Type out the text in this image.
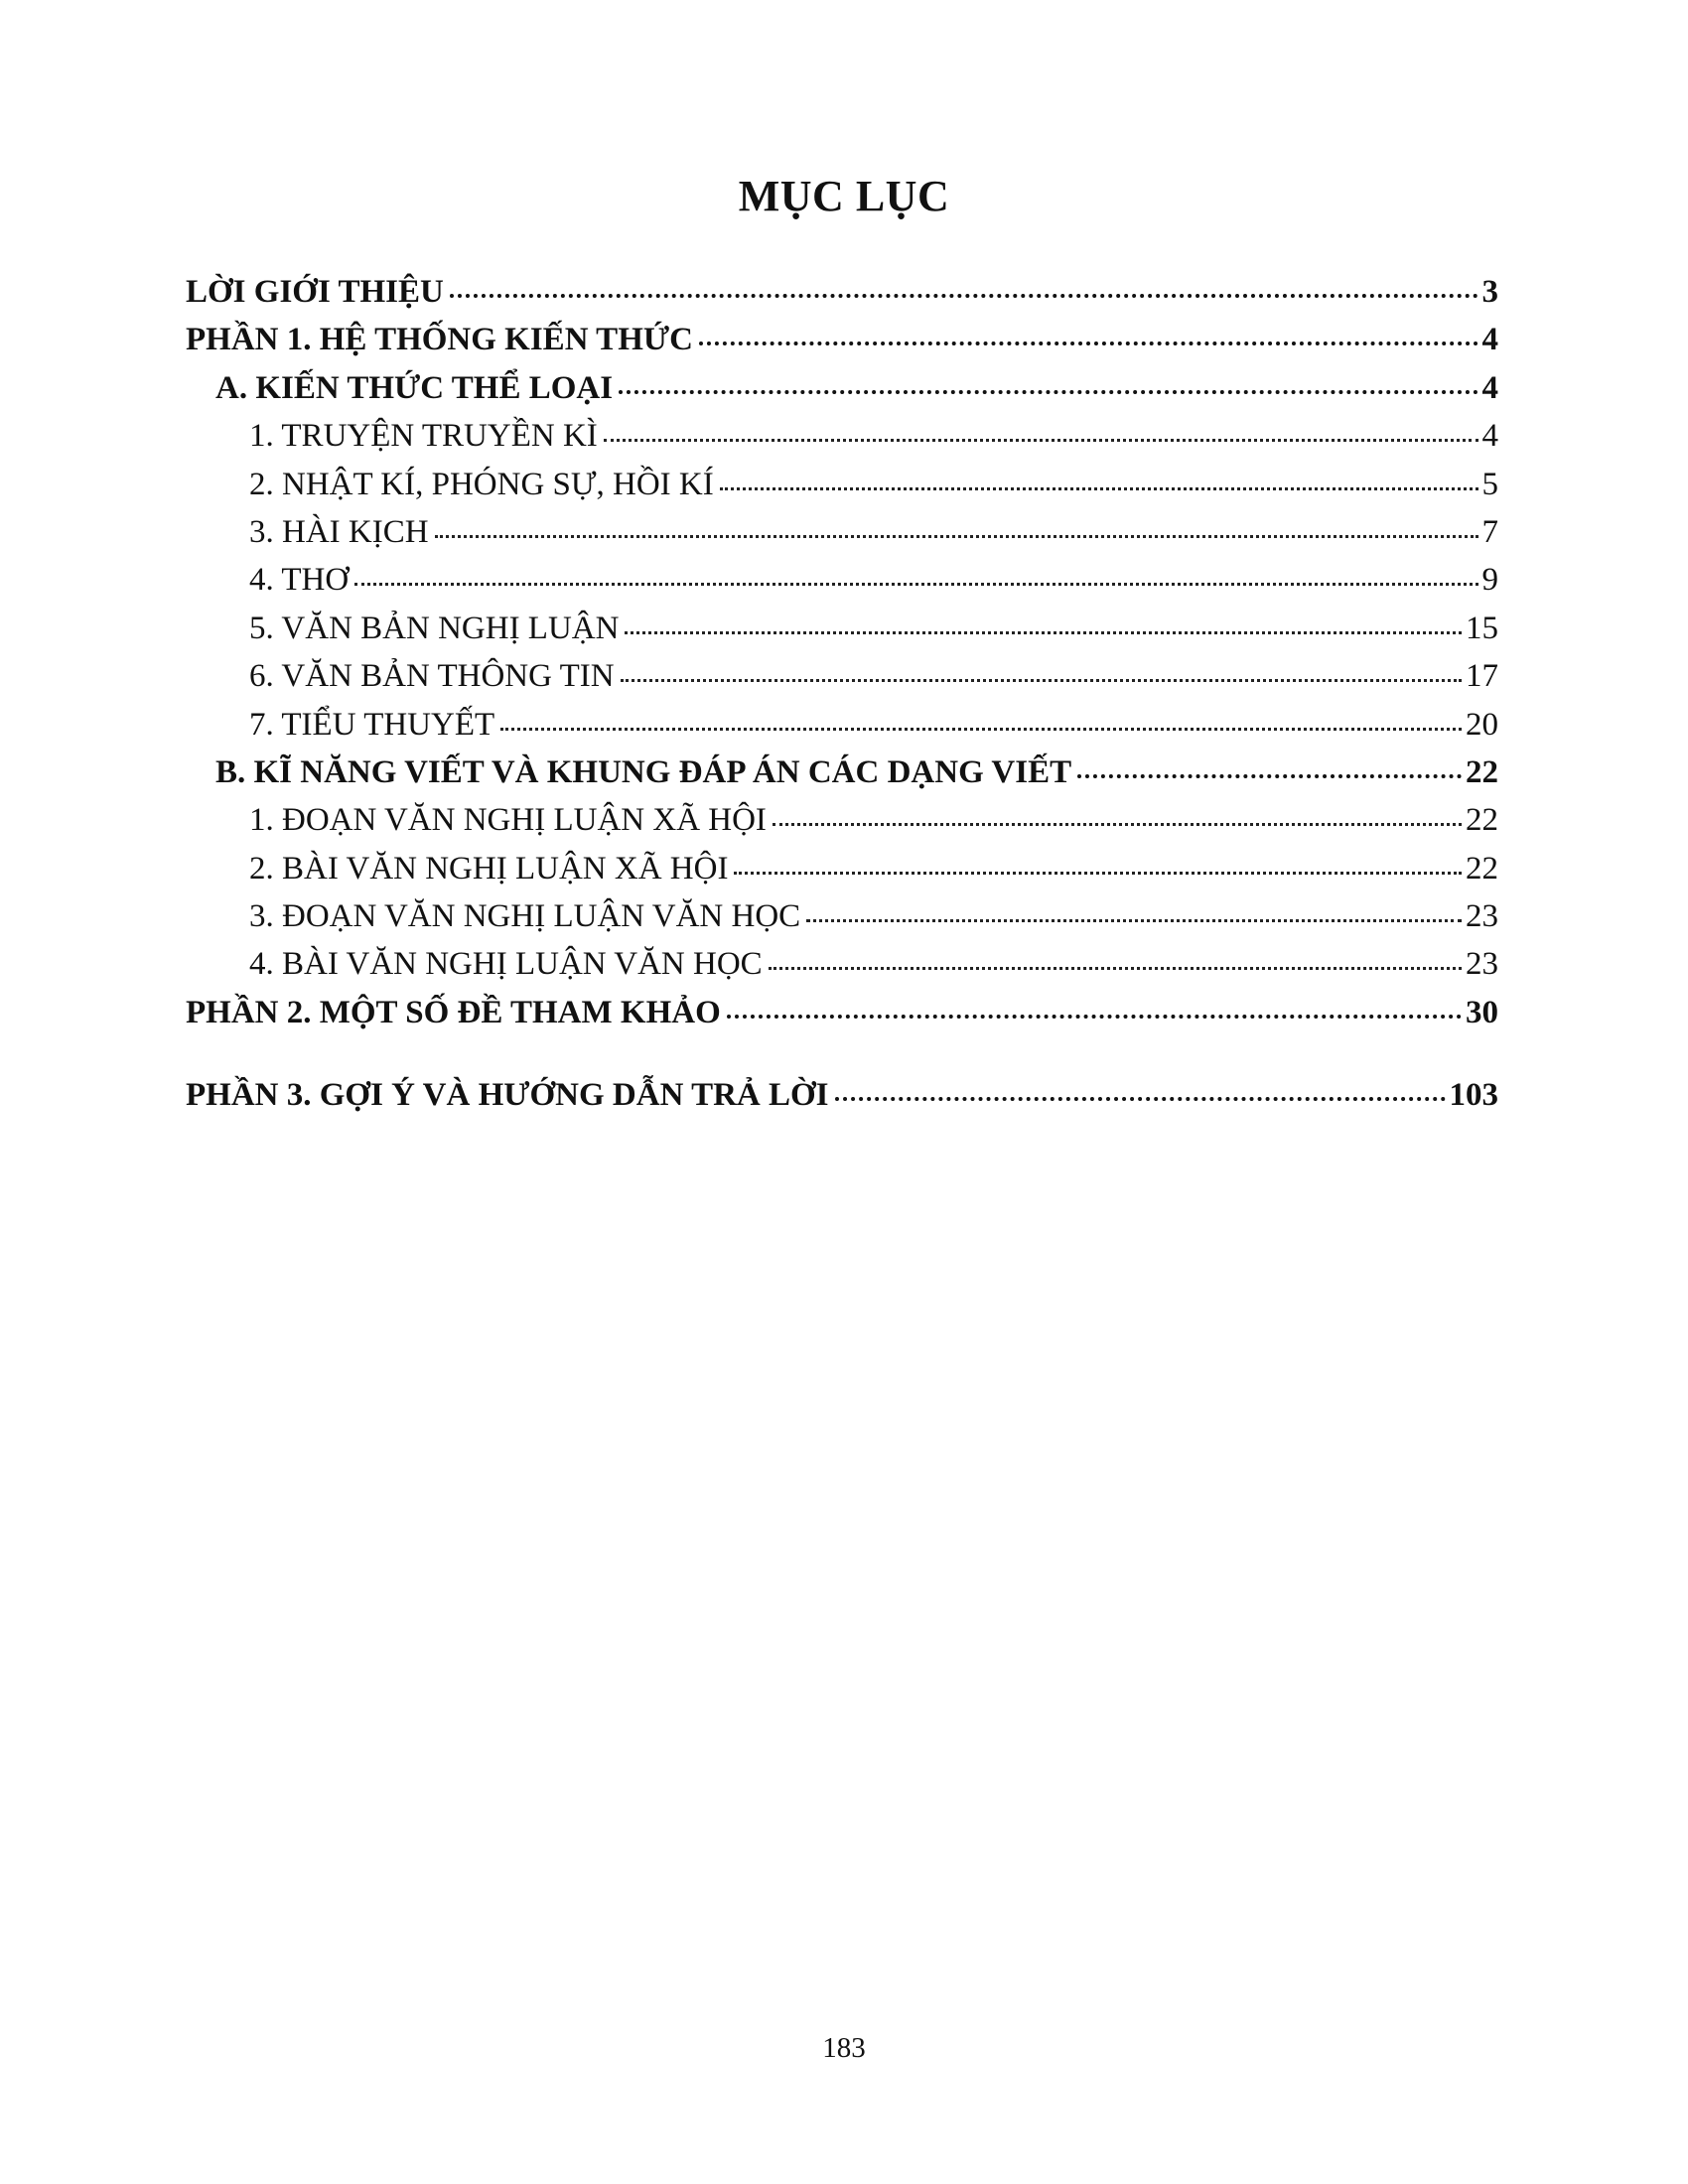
MỤC LỤC
LỜI GIỚI THIỆU	3
PHẦN 1. HỆ THỐNG KIẾN THỨC	4
A. KIẾN THỨC THỂ LOẠI	4
1. TRUYỆN TRUYỀN KÌ	4
2. NHẬT KÍ, PHÓNG SỰ, HỒI KÍ	5
3. HÀI KỊCH	7
4. THƠ	9
5. VĂN BẢN NGHỊ LUẬN	15
6. VĂN BẢN THÔNG TIN	17
7. TIỂU THUYẾT	20
B. KĨ NĂNG VIẾT VÀ KHUNG ĐÁP ÁN CÁC DẠNG VIẾT	22
1. ĐOẠN VĂN NGHỊ LUẬN XÃ HỘI	22
2. BÀI VĂN NGHỊ LUẬN XÃ HỘI	22
3. ĐOẠN VĂN NGHỊ LUẬN VĂN HỌC	23
4. BÀI VĂN NGHỊ LUẬN VĂN HỌC	23
PHẦN 2. MỘT SỐ ĐỀ THAM KHẢO	30
PHẦN 3. GỢI Ý VÀ HƯỚNG DẪN TRẢ LỜI	103
183
